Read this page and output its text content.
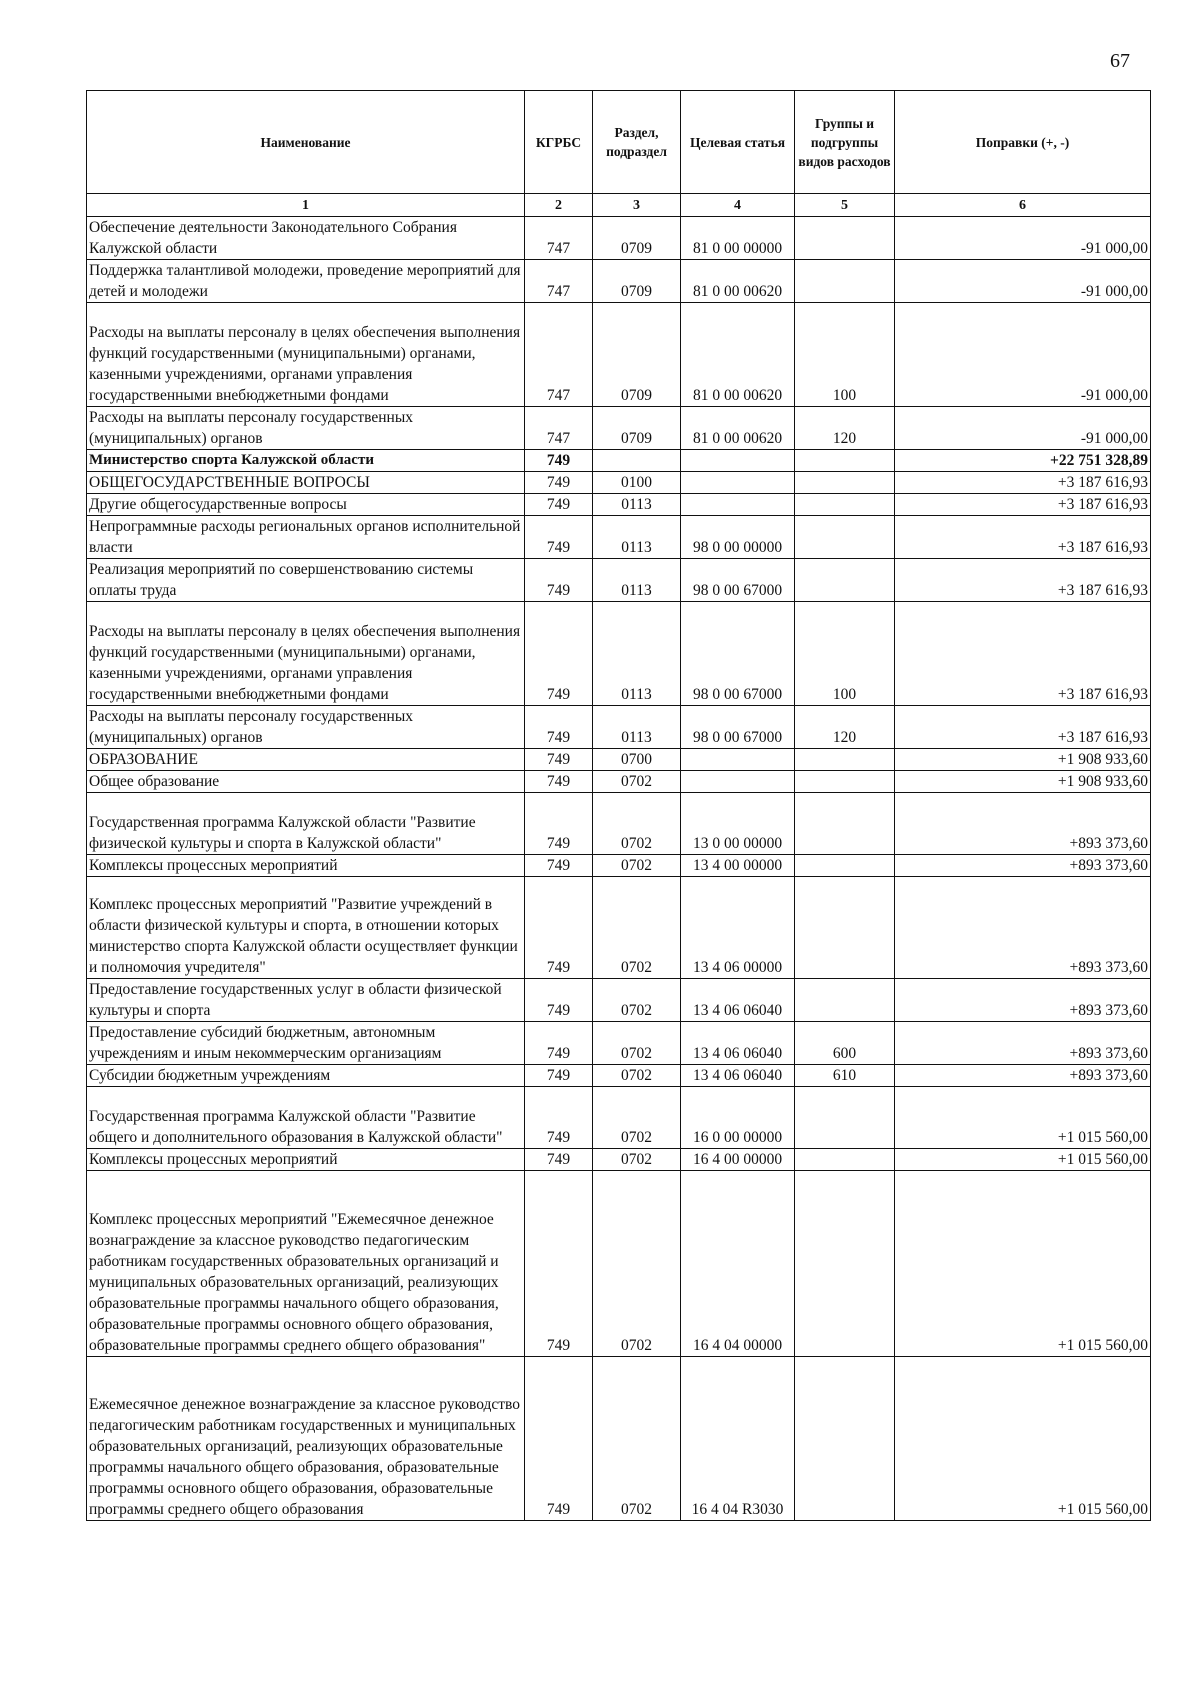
67
Наименование	КГРБС	Раздел, подраздел	Целевая статья	Группы и подгруппы видов расходов	Поправки (+, -)
1	2	3	4	5	6
Обеспечение деятельности Законодательного Собрания Калужской области	747	0709	81 0 00 00000		-91 000,00
Поддержка талантливой молодежи, проведение мероприятий для детей и молодежи	747	0709	81 0 00 00620		-91 000,00
Расходы на выплаты персоналу в целях обеспечения выполнения функций государственными (муниципальными) органами, казенными учреждениями, органами управления государственными внебюджетными фондами	747	0709	81 0 00 00620	100	-91 000,00
Расходы на выплаты персоналу государственных (муниципальных) органов	747	0709	81 0 00 00620	120	-91 000,00
Министерство спорта Калужской области	749				+22 751 328,89
ОБЩЕГОСУДАРСТВЕННЫЕ ВОПРОСЫ	749	0100			+3 187 616,93
Другие общегосударственные вопросы	749	0113			+3 187 616,93
Непрограммные расходы региональных органов исполнительной власти	749	0113	98 0 00 00000		+3 187 616,93
Реализация мероприятий по совершенствованию системы оплаты труда	749	0113	98 0 00 67000		+3 187 616,93
Расходы на выплаты персоналу в целях обеспечения выполнения функций государственными (муниципальными) органами, казенными учреждениями, органами управления государственными внебюджетными фондами	749	0113	98 0 00 67000	100	+3 187 616,93
Расходы на выплаты персоналу государственных (муниципальных) органов	749	0113	98 0 00 67000	120	+3 187 616,93
ОБРАЗОВАНИЕ	749	0700			+1 908 933,60
Общее образование	749	0702			+1 908 933,60
Государственная программа Калужской области "Развитие физической культуры и спорта в Калужской области"	749	0702	13 0 00 00000		+893 373,60
Комплексы процессных мероприятий	749	0702	13 4 00 00000		+893 373,60
Комплекс процессных мероприятий "Развитие учреждений в области физической культуры и спорта, в отношении которых министерство спорта Калужской области осуществляет функции и полномочия учредителя"	749	0702	13 4 06 00000		+893 373,60
Предоставление государственных услуг в области физической культуры и спорта	749	0702	13 4 06 06040		+893 373,60
Предоставление субсидий бюджетным, автономным учреждениям и иным некоммерческим организациям	749	0702	13 4 06 06040	600	+893 373,60
Субсидии бюджетным учреждениям	749	0702	13 4 06 06040	610	+893 373,60
Государственная программа Калужской области "Развитие общего и дополнительного образования в Калужской области"	749	0702	16 0 00 00000		+1 015 560,00
Комплексы процессных мероприятий	749	0702	16 4 00 00000		+1 015 560,00
Комплекс процессных мероприятий "Ежемесячное денежное вознаграждение за классное руководство педагогическим работникам государственных образовательных организаций и муниципальных образовательных организаций, реализующих образовательные программы начального общего образования, образовательные программы основного общего образования, образовательные программы среднего общего образования"	749	0702	16 4 04 00000		+1 015 560,00
Ежемесячное денежное вознаграждение за классное руководство педагогическим работникам государственных и муниципальных образовательных организаций, реализующих образовательные программы начального общего образования, образовательные программы основного общего образования, образовательные программы среднего общего образования	749	0702	16 4 04 R3030		+1 015 560,00
